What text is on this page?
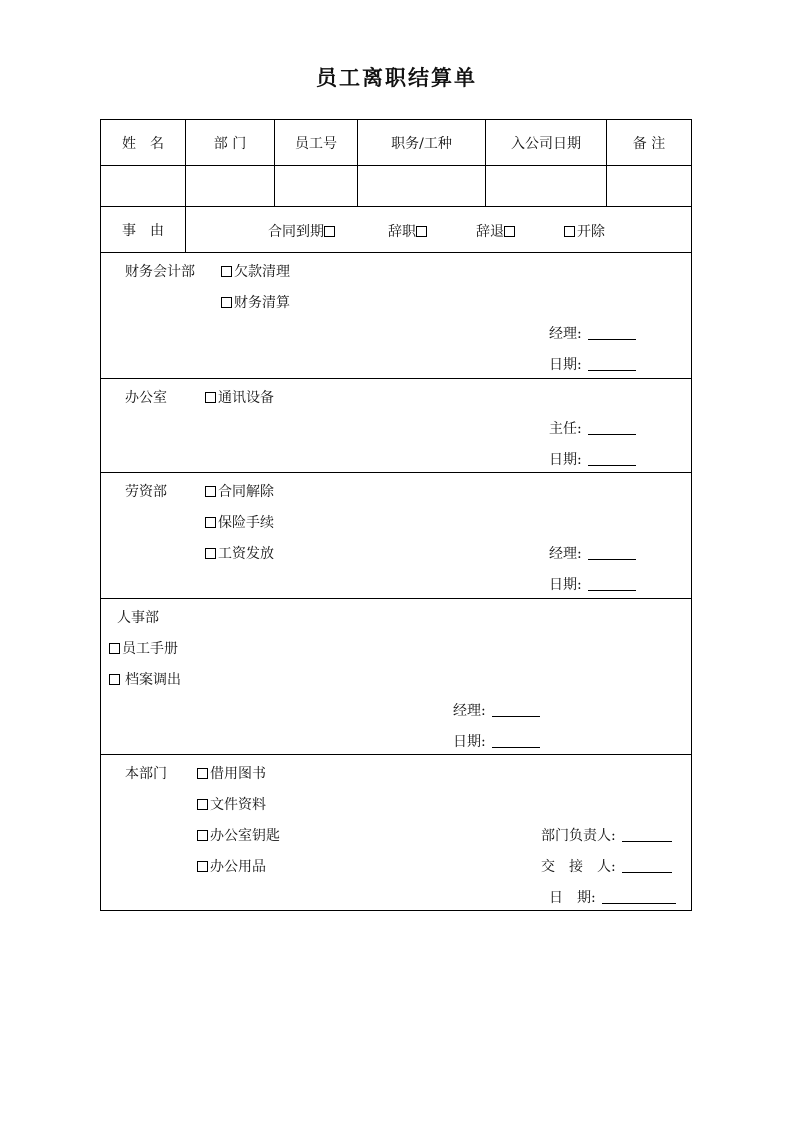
员工离职结算单
姓　名	部 门	员工号	职务/工种	入公司日期	备 注
事　由	合同到期	辞职	辞退	开除
财务会计部	欠款清理
财务清算
经理:
日期:
办公室	通讯设备
主任:
日期:
劳资部	合同解除
保险手续
工资发放	经理:
日期:
人事部
员工手册
档案调出
经理:
日期:
本部门	借用图书
文件资料
办公室钥匙
办公用品
部门负责人:
交　接　人:
日　期:
